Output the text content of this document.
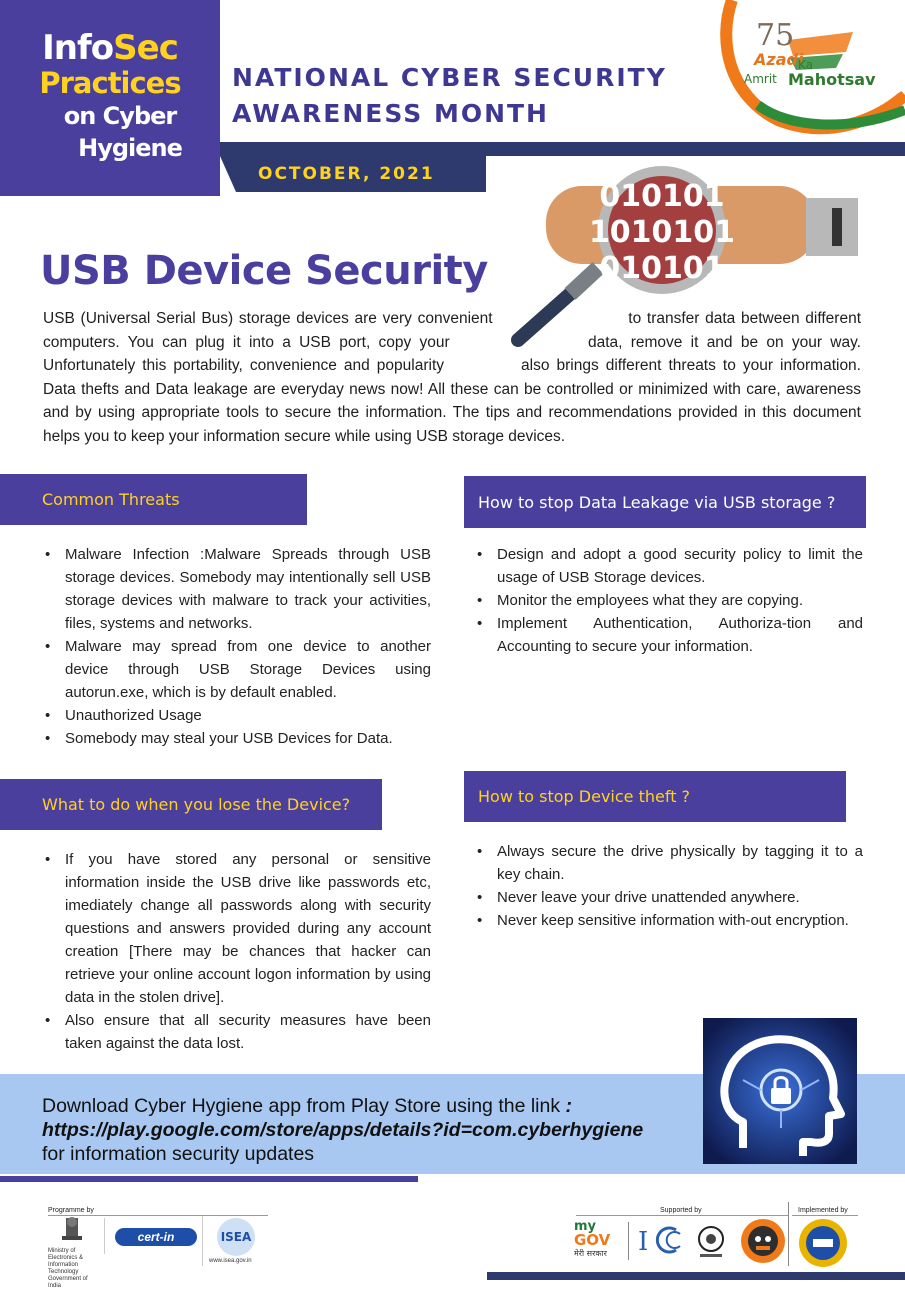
InfoSec
Practices
on Cyber
Hygiene
NATIONAL CYBER SECURITY
AWARENESS MONTH
OCTOBER, 2021
75
Azadi
Ka
Amrit Mahotsav
010101
1010101
010101
USB Device Security
USB (Universal Serial Bus) storage devices are very convenient	to transfer data between different computers. You can plug it into a USB port, copy your	data, remove it and be on your way. Unfortunately this portability, convenience and popularity	also brings different threats to your information. Data thefts and Data leakage are everyday news now! All these can be controlled or minimized with care, awareness and by using appropriate tools to secure the information. The tips and recommendations provided in this document helps you to keep your information secure while using USB storage devices.
Common Threats
• Malware Infection :Malware Spreads through USB storage devices. Somebody may intentionally sell USB storage devices with malware to track your activities, files, systems and networks.
• Malware may spread from one device to another device through USB Storage Devices using autorun.exe, which is by default enabled.
• Unauthorized Usage
• Somebody may steal your USB Devices for Data.
How to stop Data Leakage via USB storage ?
• Design and adopt a good security policy to limit the usage of USB Storage devices.
• Monitor the employees what they are copying.
• Implement Authentication, Authoriza-tion and Accounting to secure your information.
What to do when you lose the Device?
• If you have stored any personal or sensitive information inside the USB drive like passwords etc, imediately change all passwords along with security questions and answers provided during any account creation [There may be chances that hacker can retrieve your online account logon information by using data in the stolen drive].
• Also ensure that all security measures have been taken against the data lost.
How to stop Device theft ?
• Always secure the drive physically by tagging it to a key chain.
• Never leave your drive unattended anywhere.
• Never keep sensitive information with-out encryption.
Download Cyber Hygiene app from Play Store using the link :
https://play.google.com/store/apps/details?id=com.cyberhygiene
for information security updates
Programme by
Ministry of Electronics & Information Technology Government of India
cert-in	ISEA
www.isea.gov.in
Supported by	Implemented by
my
GOV
मेरी सरकार	I
